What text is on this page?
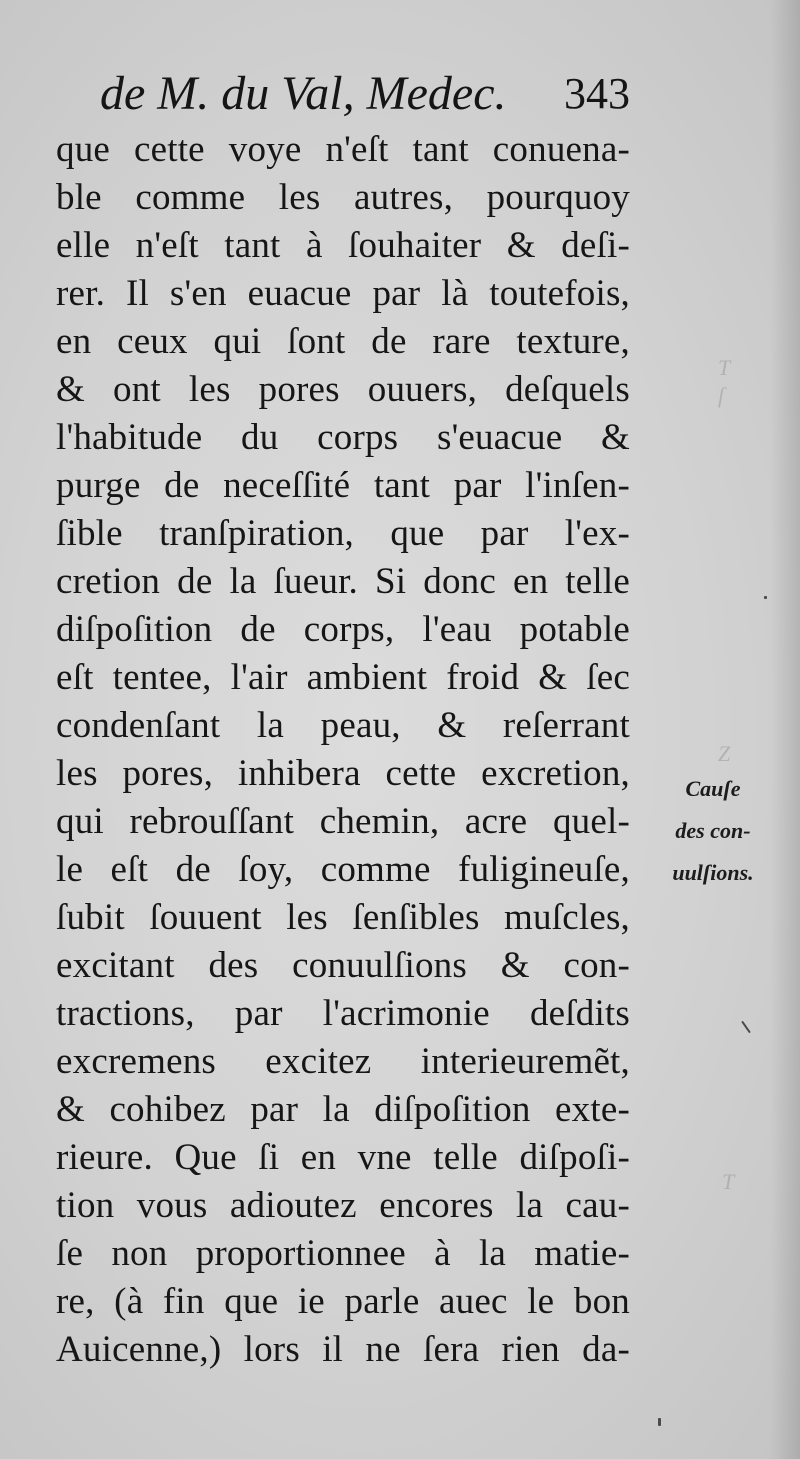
T
ſ
Z
T
de M. du Val, Medec. 343
que cette voye n'eſt tant conuena-
ble comme les autres, pourquoy
elle n'eſt tant à ſouhaiter & deſi-
rer. Il s'en euacue par là toutefois,
en ceux qui ſont de rare texture,
& ont les pores ouuers, deſquels
l'habitude du corps s'euacue &
purge de neceſſité tant par l'inſen-
ſible tranſpiration, que par l'ex-
cretion de la ſueur. Si donc en telle
diſpoſition de corps, l'eau potable
eſt tentee, l'air ambient froid & ſec
condenſant la peau, & reſerrant
les pores, inhibera cette excretion,
qui rebrouſſant chemin, acre quel-
le eſt de ſoy, comme fuligineuſe,
ſubit ſouuent les ſenſibles muſcles,
excitant des conuulſions & con-
tractions, par l'acrimonie deſdits
excremens excitez interieuremẽt,
& cohibez par la diſpoſition exte-
rieure. Que ſi en vne telle diſpoſi-
tion vous adioutez encores la cau-
ſe non proportionnee à la matie-
re, (à fin que ie parle auec le bon
Auicenne,) lors il ne ſera rien da-
Cauſe
des con-
uulſions.
